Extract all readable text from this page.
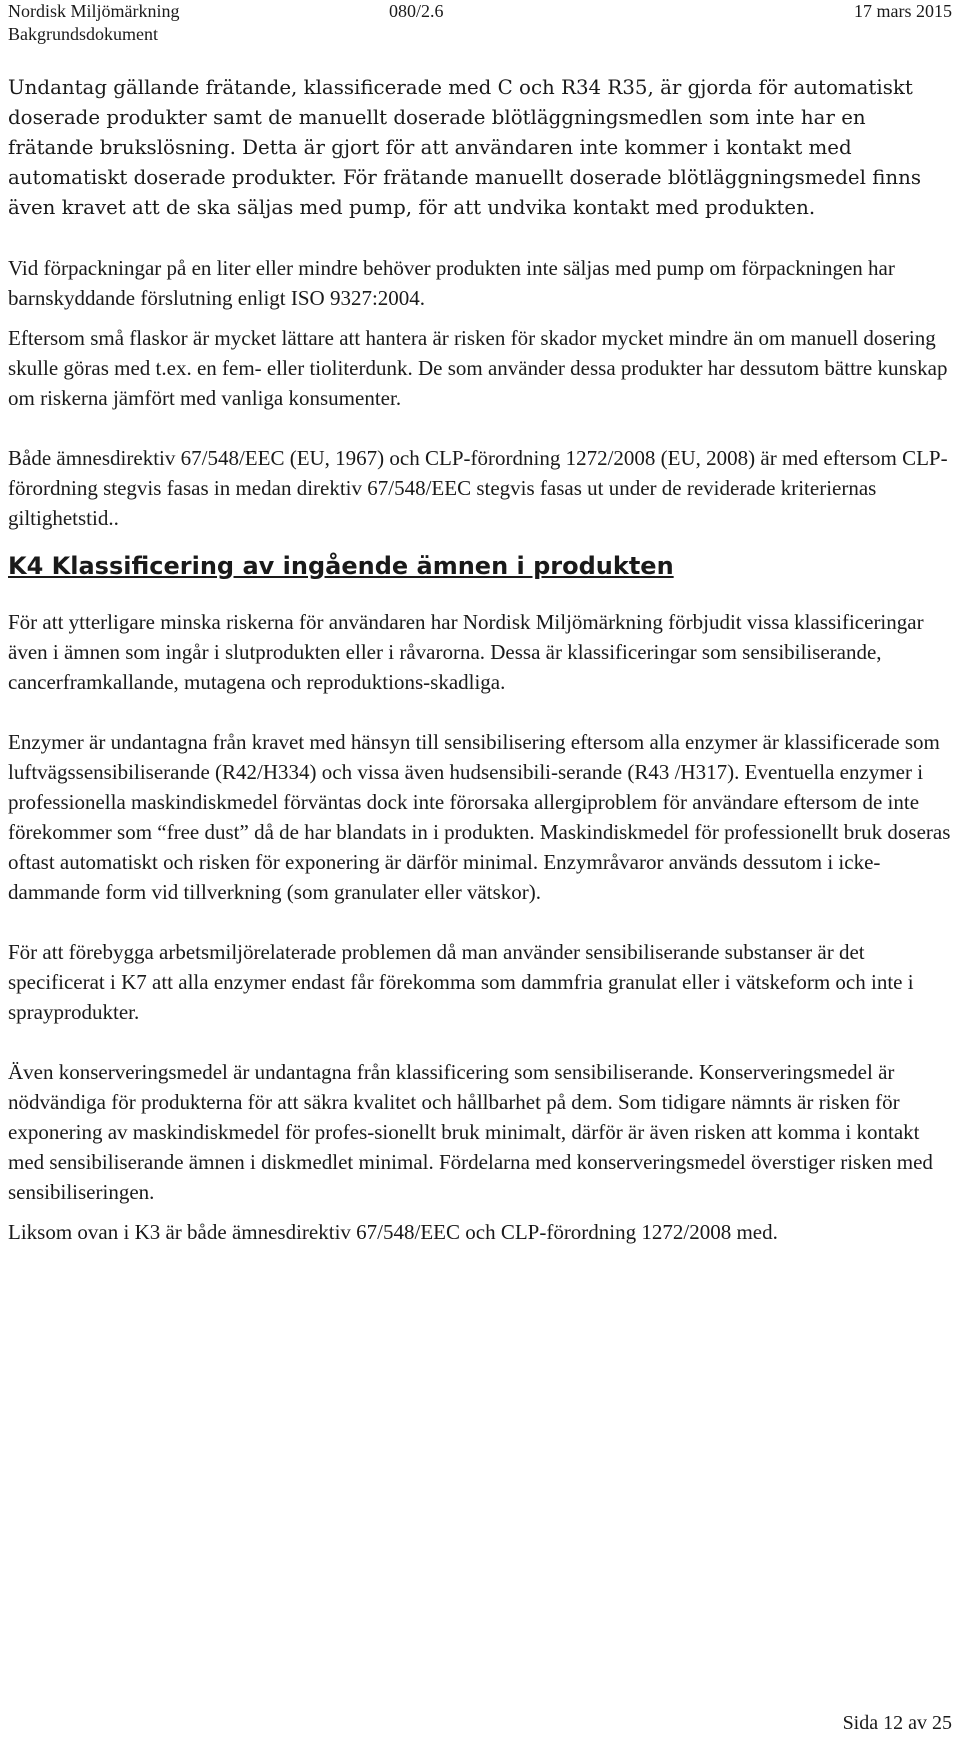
Nordisk Miljömärkning
Bakgrundsdokument
080/2.6	17 mars 2015

Undantag gällande frätande, klassificerade med C och R34 R35, är gjorda för automatiskt doserade produkter samt de manuellt doserade blötläggningsmedlen som inte har en frätande brukslösning. Detta är gjort för att användaren inte kommer i kontakt med automatiskt doserade produkter. För frätande manuellt doserade blötläggningsmedel finns även kravet att de ska säljas med pump, för att undvika kontakt med produkten.

Vid förpackningar på en liter eller mindre behöver produkten inte säljas med pump om förpackningen har barnskyddande förslutning enligt ISO 9327:2004.

Eftersom små flaskor är mycket lättare att hantera är risken för skador mycket mindre än om manuell dosering skulle göras med t.ex. en fem- eller tioliterdunk. De som använder dessa produkter har dessutom bättre kunskap om riskerna jämfört med vanliga konsumenter.

Både ämnesdirektiv 67/548/EEC (EU, 1967) och CLP-förordning 1272/2008 (EU, 2008) är med eftersom CLP-förordning stegvis fasas in medan direktiv 67/548/EEC stegvis fasas ut under de reviderade kriteriernas giltighetstid..

K4 Klassificering av ingående ämnen i produkten

För att ytterligare minska riskerna för användaren har Nordisk Miljömärkning förbjudit vissa klassificeringar även i ämnen som ingår i slutprodukten eller i råvarorna. Dessa är klassificeringar som sensibiliserande, cancerframkallande, mutagena och reproduktions-skadliga.

Enzymer är undantagna från kravet med hänsyn till sensibilisering eftersom alla enzymer är klassificerade som luftvägssensibiliserande (R42/H334) och vissa även hudsensibili-serande (R43 /H317). Eventuella enzymer i professionella maskindiskmedel förväntas dock inte förorsaka allergiproblem för användare eftersom de inte förekommer som “free dust” då de har blandats in i produkten. Maskindiskmedel för professionellt bruk doseras oftast automatiskt och risken för exponering är därför minimal. Enzymråvaror används dessutom i icke-dammande form vid tillverkning (som granulater eller vätskor).

För att förebygga arbetsmiljörelaterade problemen då man använder sensibiliserande substanser är det specificerat i K7 att alla enzymer endast får förekomma som dammfria granulat eller i vätskeform och inte i sprayprodukter.

Även konserveringsmedel är undantagna från klassificering som sensibiliserande. Konserveringsmedel är nödvändiga för produkterna för att säkra kvalitet och hållbarhet på dem. Som tidigare nämnts är risken för exponering av maskindiskmedel för profes-sionellt bruk minimalt, därför är även risken att komma i kontakt med sensibiliserande ämnen i diskmedlet minimal. Fördelarna med konserveringsmedel överstiger risken med sensibiliseringen.

Liksom ovan i K3 är både ämnesdirektiv 67/548/EEC och CLP-förordning 1272/2008 med.

Sida 12 av 25
